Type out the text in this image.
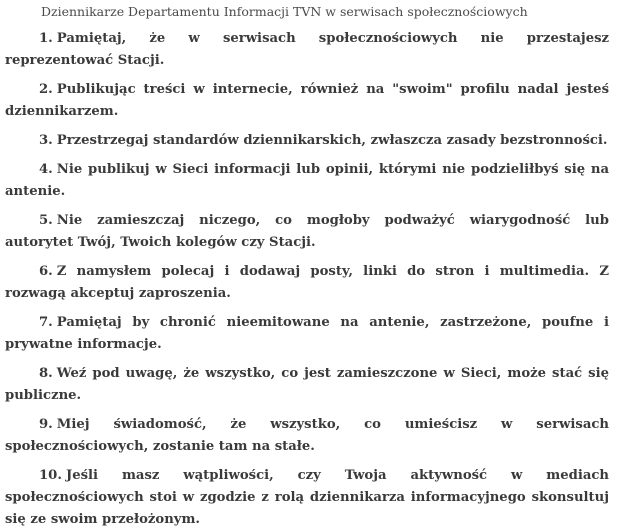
Dziennikarze Departamentu Informacji TVN w serwisach społecznościowych
1. Pamiętaj, że w serwisach społecznościowych nie przestajesz reprezentować Stacji.
2. Publikując treści w internecie, również na "swoim" profilu nadal jesteś dziennikarzem.
3. Przestrzegaj standardów dziennikarskich, zwłaszcza zasady bezstronności.
4. Nie publikuj w Sieci informacji lub opinii, którymi nie podzieliłbyś się na antenie.
5. Nie zamieszczaj niczego, co mogłoby podważyć wiarygodność lub autorytet Twój, Twoich kolegów czy Stacji.
6. Z namysłem polecaj i dodawaj posty, linki do stron i multimedia. Z rozwagą akceptuj zaproszenia.
7. Pamiętaj by chronić nieemitowane na antenie, zastrzeżone, poufne i prywatne informacje.
8. Weź pod uwagę, że wszystko, co jest zamieszczone w Sieci, może stać się publiczne.
9. Miej świadomość, że wszystko, co umieścisz w serwisach społecznościowych, zostanie tam na stałe.
10. Jeśli masz wątpliwości, czy Twoja aktywność w mediach społecznościowych stoi w zgodzie z rolą dziennikarza informacyjnego skonsultuj się ze swoim przełożonym.
